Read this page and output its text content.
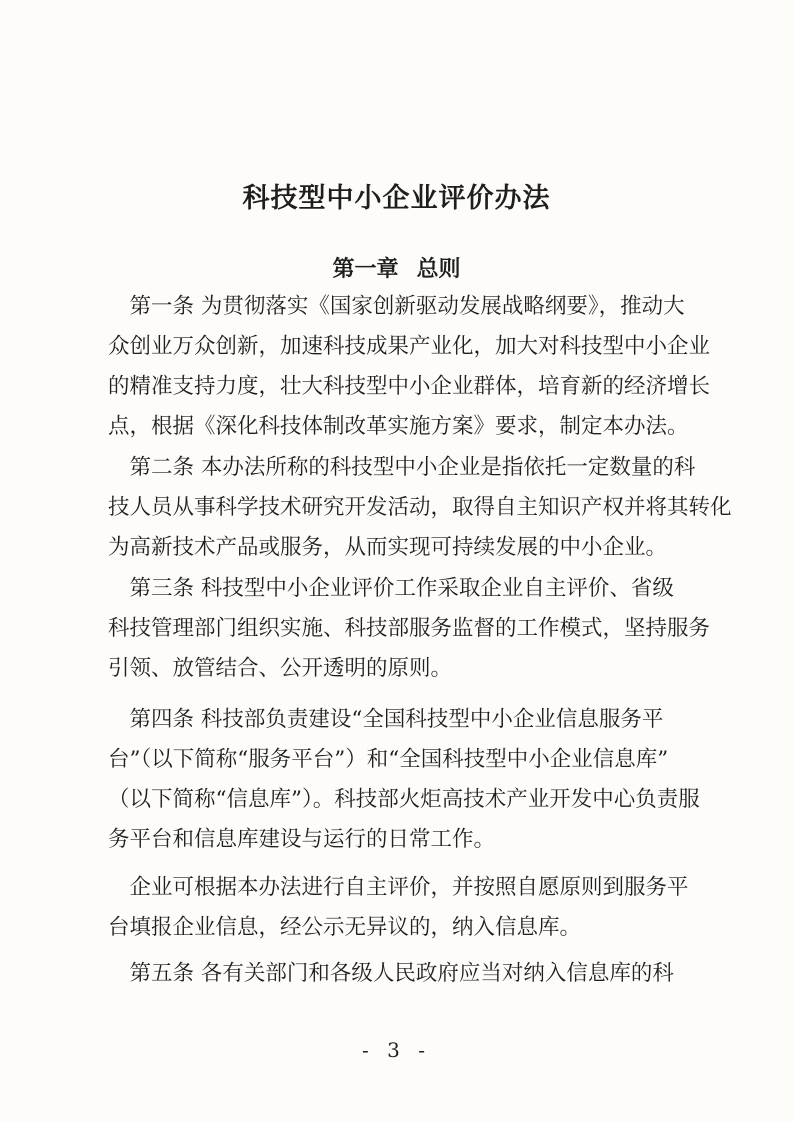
科技型中小企业评价办法
第一章 总则
　第一条 为贯彻落实《国家创新驱动发展战略纲要》，推动大
众创业万众创新，加速科技成果产业化，加大对科技型中小企业
的精准支持力度，壮大科技型中小企业群体，培育新的经济增长
点，根据《深化科技体制改革实施方案》要求，制定本办法。
　第二条 本办法所称的科技型中小企业是指依托一定数量的科
技人员从事科学技术研究开发活动，取得自主知识产权并将其转化
为高新技术产品或服务，从而实现可持续发展的中小企业。
　第三条 科技型中小企业评价工作采取企业自主评价、省级
科技管理部门组织实施、科技部服务监督的工作模式，坚持服务
引领、放管结合、公开透明的原则。
　第四条 科技部负责建设“全国科技型中小企业信息服务平
台”（以下简称“服务平台”）和“全国科技型中小企业信息库”
（以下简称“信息库”）。科技部火炬高技术产业开发中心负责服
务平台和信息库建设与运行的日常工作。
　企业可根据本办法进行自主评价，并按照自愿原则到服务平
台填报企业信息，经公示无异议的，纳入信息库。
　第五条 各有关部门和各级人民政府应当对纳入信息库的科
- 3 -
